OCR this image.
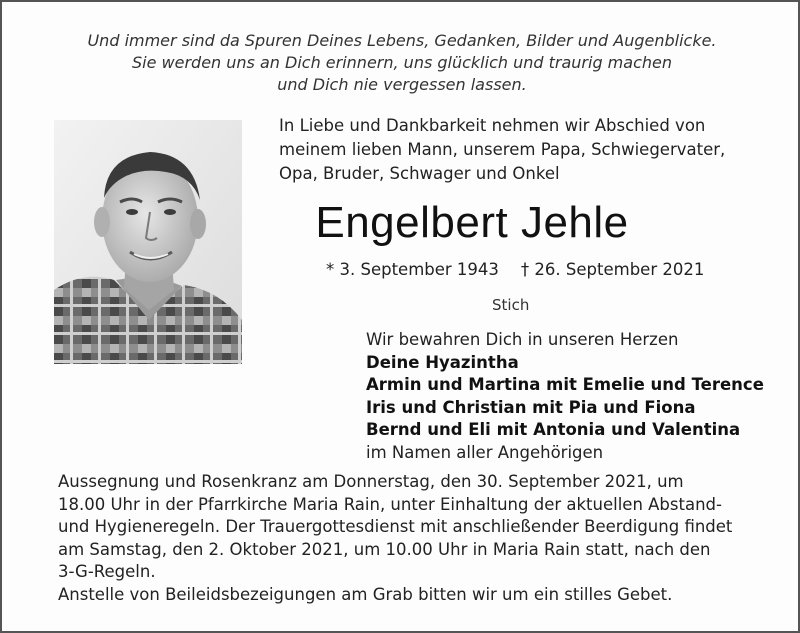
Und immer sind da Spuren Deines Lebens, Gedanken, Bilder und Augenblicke.
Sie werden uns an Dich erinnern, uns glücklich und traurig machen
und Dich nie vergessen lassen.
In Liebe und Dankbarkeit nehmen wir Abschied von
meinem lieben Mann, unserem Papa, Schwiegervater,
Opa, Bruder, Schwager und Onkel
Engelbert Jehle
* 3. September 1943 † 26. September 2021
Stich
Wir bewahren Dich in unseren Herzen
Deine Hyazintha
Armin und Martina mit Emelie und Terence
Iris und Christian mit Pia und Fiona
Bernd und Eli mit Antonia und Valentina
im Namen aller Angehörigen
Aussegnung und Rosenkranz am Donnerstag, den 30. September 2021, um
18.00 Uhr in der Pfarrkirche Maria Rain, unter Einhaltung der aktuellen Abstand-
und Hygieneregeln. Der Trauergottesdienst mit anschließender Beerdigung findet
am Samstag, den 2. Oktober 2021, um 10.00 Uhr in Maria Rain statt, nach den
3-G-Regeln.
Anstelle von Beileidsbezeigungen am Grab bitten wir um ein stilles Gebet.
